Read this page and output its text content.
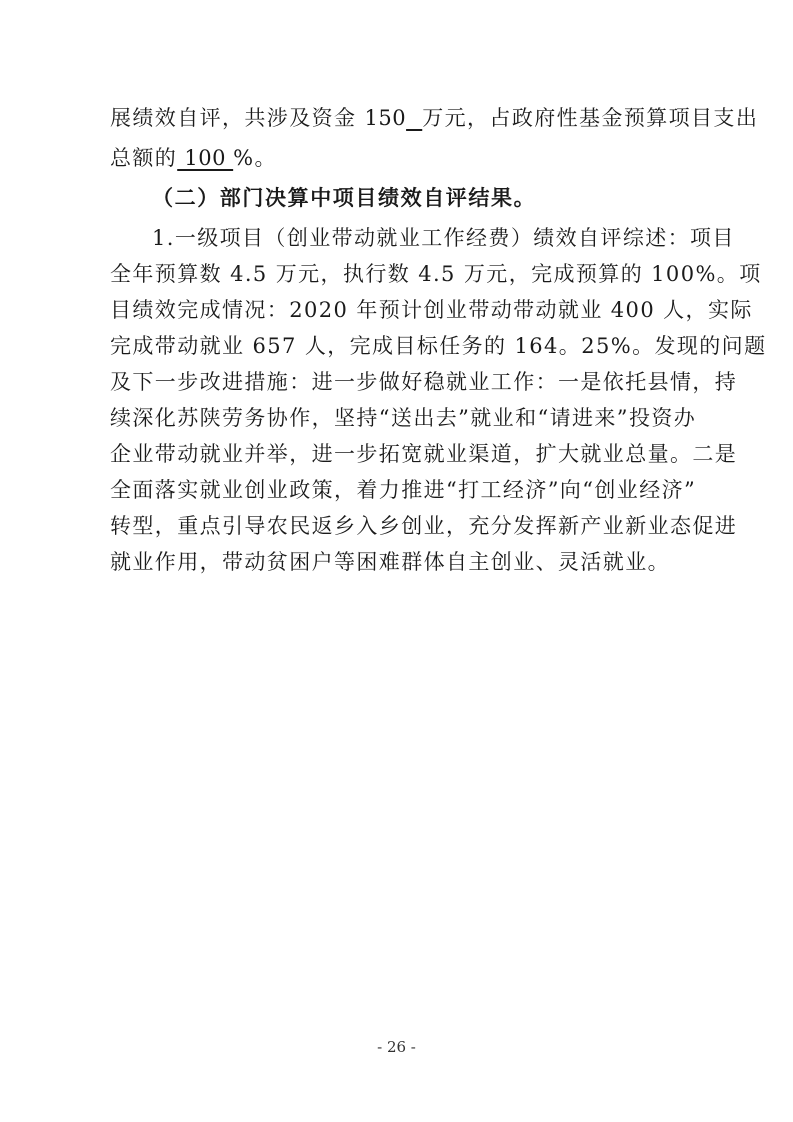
展绩效自评，共涉及资金 150 万元，占政府性基金预算项目支出
总额的 100 %。
（二）部门决算中项目绩效自评结果。
1.一级项目（创业带动就业工作经费）绩效自评综述：项目
全年预算数 4.5 万元，执行数 4.5 万元，完成预算的 100%。项
目绩效完成情况：2020 年预计创业带动带动就业 400 人，实际
完成带动就业 657 人，完成目标任务的 164。25%。发现的问题
及下一步改进措施：进一步做好稳就业工作：一是依托县情，持
续深化苏陕劳务协作，坚持“送出去”就业和“请进来”投资办
企业带动就业并举，进一步拓宽就业渠道，扩大就业总量。二是
全面落实就业创业政策，着力推进“打工经济”向“创业经济”
转型，重点引导农民返乡入乡创业，充分发挥新产业新业态促进
就业作用，带动贫困户等困难群体自主创业、灵活就业。
- 26 -
